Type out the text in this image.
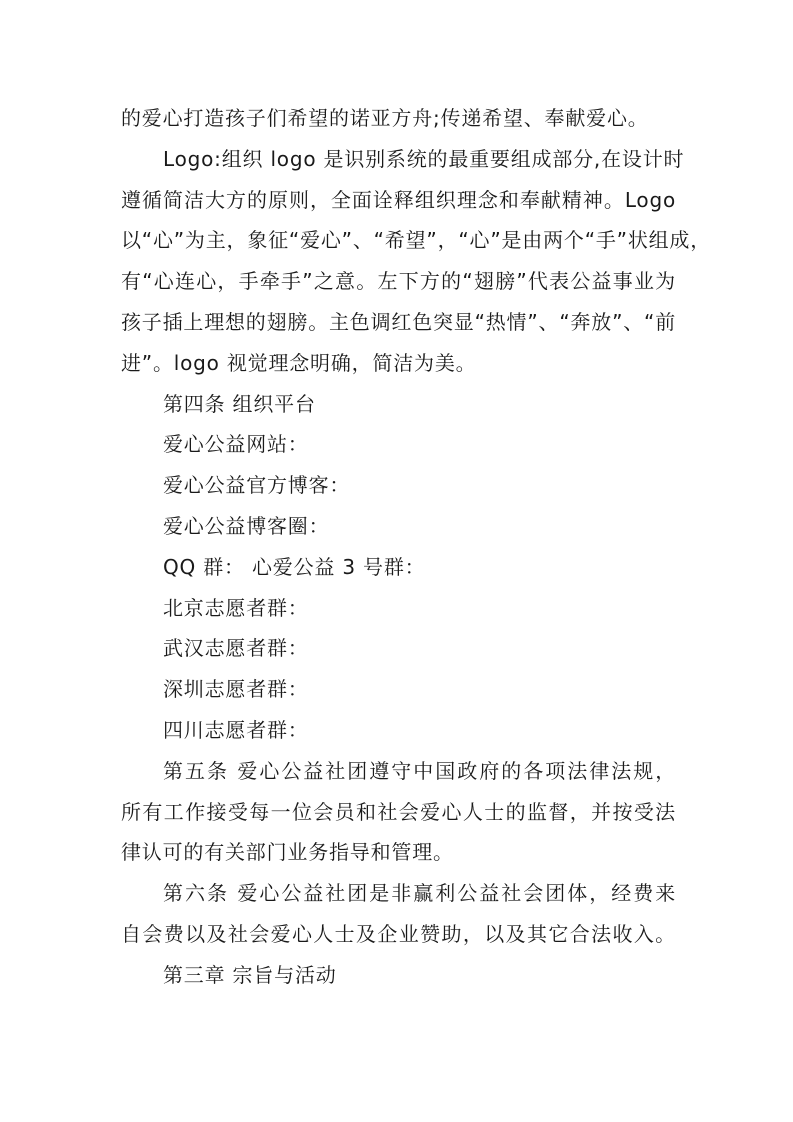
的爱心打造孩子们希望的诺亚方舟;传递希望、奉献爱心。
Logo:组织 logo 是识别系统的最重要组成部分,在设计时
遵循简洁大方的原则，全面诠释组织理念和奉献精神。Logo
以“心”为主，象征“爱心”、“希望”，“心”是由两个“手”状组成，
有“心连心，手牵手”之意。左下方的“翅膀”代表公益事业为
孩子插上理想的翅膀。主色调红色突显“热情”、“奔放”、“前
进”。logo 视觉理念明确，简洁为美。
第四条 组织平台
爱心公益网站：
爱心公益官方博客：
爱心公益博客圈：
QQ 群： 心爱公益 3 号群：
北京志愿者群：
武汉志愿者群：
深圳志愿者群：
四川志愿者群：
第五条 爱心公益社团遵守中国政府的各项法律法规，
所有工作接受每一位会员和社会爱心人士的监督，并按受法
律认可的有关部门业务指导和管理。
第六条 爱心公益社团是非赢利公益社会团体，经费来
自会费以及社会爱心人士及企业赞助，以及其它合法收入。
第三章 宗旨与活动
